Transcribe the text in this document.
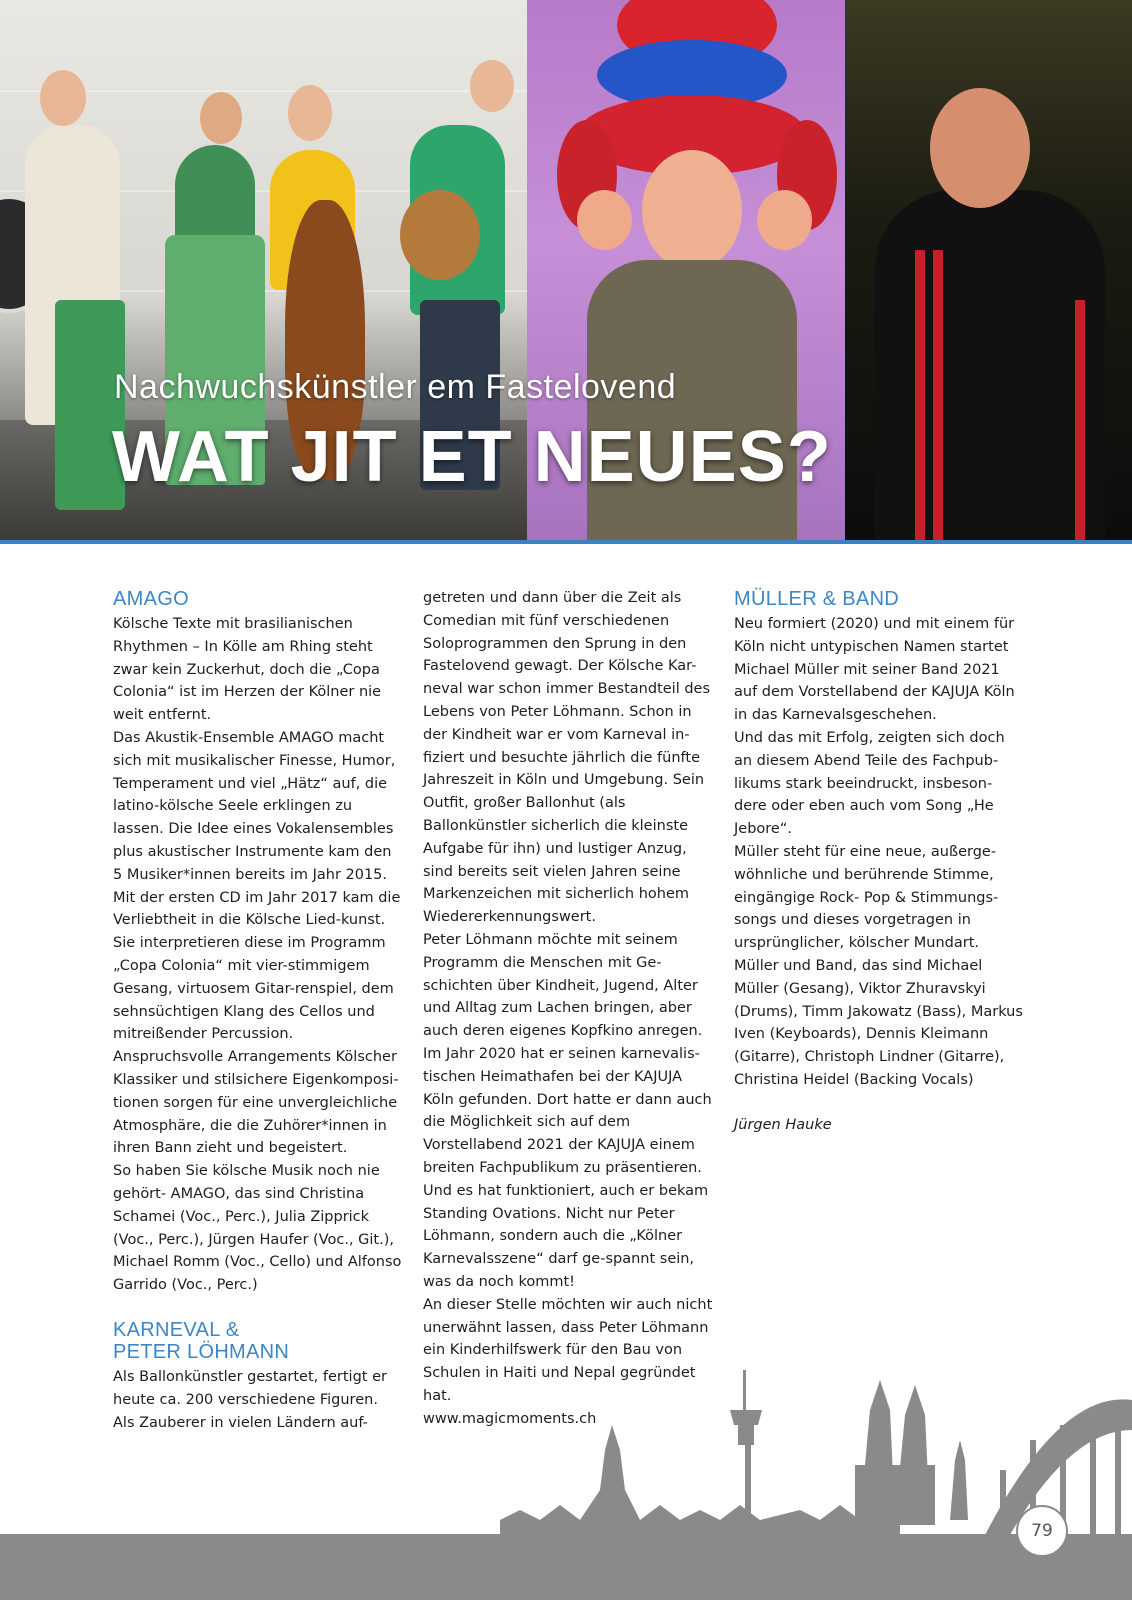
Nachwuchskünstler em Fastelovend
WAT JIT ET NEUES?
AMAGO

Kölsche Texte mit brasilianischen Rhythmen – In Kölle am Rhing steht zwar kein Zuckerhut, doch die „Copa Colonia“ ist im Herzen der Kölner nie weit entfernt.
Das Akustik-Ensemble AMAGO macht sich mit musikalischer Finesse, Humor, Temperament und viel „Hätz“ auf, die latino-kölsche Seele erklingen zu lassen. Die Idee eines Vokalensembles plus akustischer Instrumente kam den 5 Musiker*innen bereits im Jahr 2015. Mit der ersten CD im Jahr 2017 kam die Verliebtheit in die Kölsche Lied-kunst. Sie interpretieren diese im Programm „Copa Colonia“ mit vier-stimmigem Gesang, virtuosem Gitar-renspiel, dem sehnsüchtigen Klang des Cellos und mitreißender Percussion. Anspruchsvolle Arrangements Kölscher Klassiker und stilsichere Eigenkomposi-tionen sorgen für eine unvergleichliche Atmosphäre, die die Zuhörer*innen in ihren Bann zieht und begeistert.
So haben Sie kölsche Musik noch nie gehört- AMAGO, das sind Christina Schamei (Voc., Perc.), Julia Zipprick (Voc., Perc.), Jürgen Haufer (Voc., Git.), Michael Romm (Voc., Cello) und Alfonso Garrido (Voc., Perc.)

KARNEVAL &
PETER LÖHMANN

Als Ballonkünstler gestartet, fertigt er heute ca. 200 verschiedene Figuren. Als Zauberer in vielen Ländern auf-

getreten und dann über die Zeit als Comedian mit fünf verschiedenen Soloprogrammen den Sprung in den Fastelovend gewagt. Der Kölsche Kar-neval war schon immer Bestandteil des Lebens von Peter Löhmann. Schon in der Kindheit war er vom Karneval in-fiziert und besuchte jährlich die fünfte Jahreszeit in Köln und Umgebung. Sein Outfit, großer Ballonhut (als Ballonkünstler sicherlich die kleinste Aufgabe für ihn) und lustiger Anzug, sind bereits seit vielen Jahren seine Markenzeichen mit sicherlich hohem Wiedererkennungswert.
Peter Löhmann möchte mit seinem Programm die Menschen mit Ge-schichten über Kindheit, Jugend, Alter und Alltag zum Lachen bringen, aber auch deren eigenes Kopfkino anregen. Im Jahr 2020 hat er seinen karnevalis-tischen Heimathafen bei der KAJUJA Köln gefunden. Dort hatte er dann auch die Möglichkeit sich auf dem Vorstellabend 2021 der KAJUJA einem breiten Fachpublikum zu präsentieren. Und es hat funktioniert, auch er bekam Standing Ovations. Nicht nur Peter Löhmann, sondern auch die „Kölner Karnevalsszene“ darf ge-spannt sein, was da noch kommt!
An dieser Stelle möchten wir auch nicht unerwähnt lassen, dass Peter Löhmann ein Kinderhilfswerk für den Bau von Schulen in Haiti und Nepal gegründet hat.
www.magicmoments.ch

MÜLLER & BAND

Neu formiert (2020) und mit einem für Köln nicht untypischen Namen startet Michael Müller mit seiner Band 2021 auf dem Vorstellabend der KAJUJA Köln in das Karnevalsgeschehen.
Und das mit Erfolg, zeigten sich doch an diesem Abend Teile des Fachpub-likums stark beeindruckt, insbeson-dere oder eben auch vom Song „He Jebore“.
Müller steht für eine neue, außerge-wöhnliche und berührende Stimme, eingängige Rock- Pop & Stimmungs-songs und dieses vorgetragen in ursprünglicher, kölscher Mundart.
Müller und Band, das sind Michael Müller (Gesang), Viktor Zhuravskyi (Drums), Timm Jakowatz (Bass), Markus Iven (Keyboards), Dennis Kleimann (Gitarre), Christoph Lindner (Gitarre), Christina Heidel (Backing Vocals)

Jürgen Hauke

79
